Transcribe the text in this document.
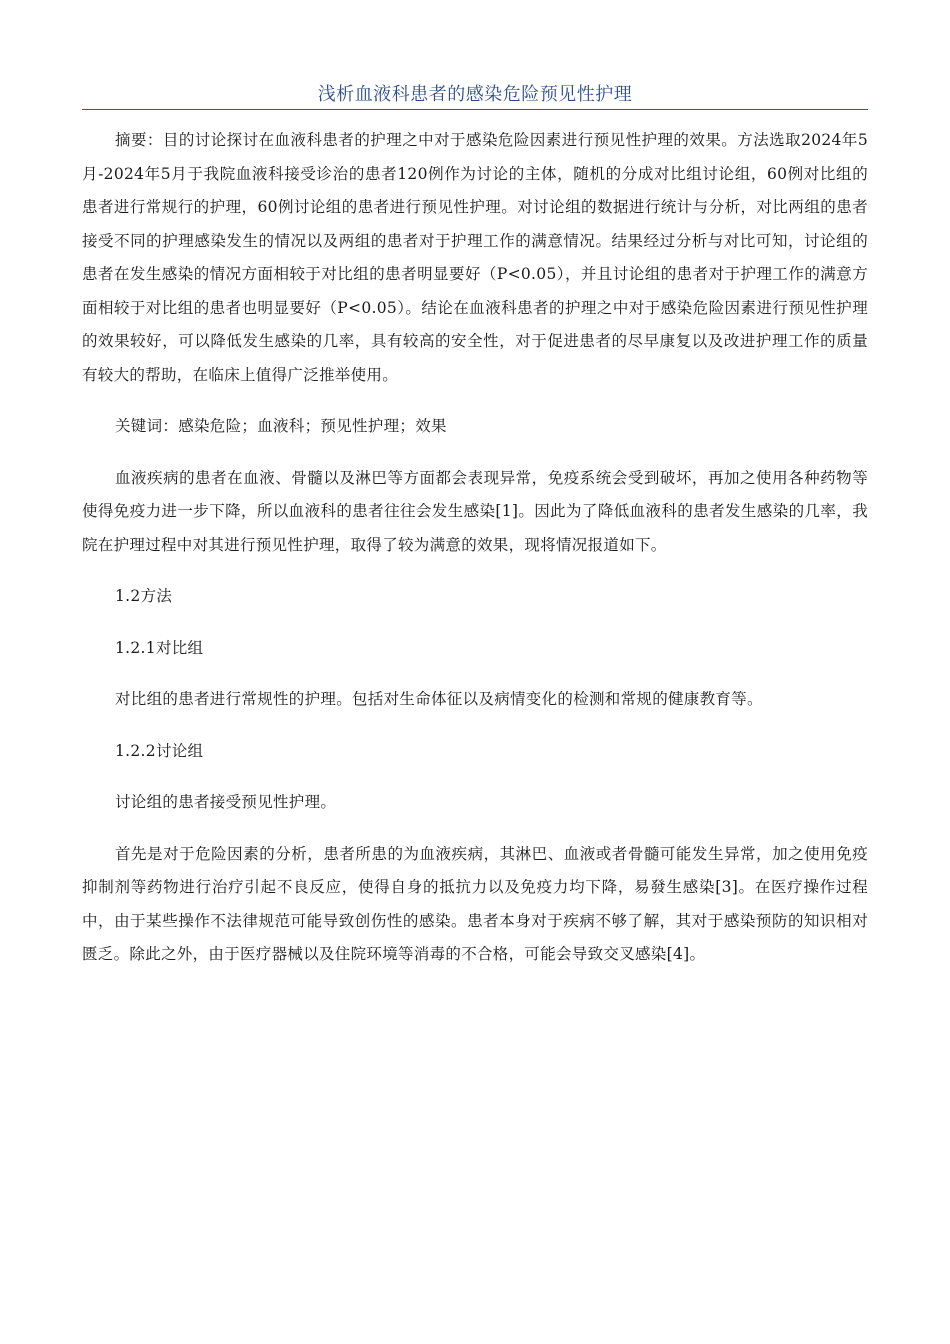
浅析血液科患者的感染危险预见性护理

摘要：目的讨论探讨在血液科患者的护理之中对于感染危险因素进行预见性护理的效果。方法选取2024年5月-2024年5月于我院血液科接受诊治的患者120例作为讨论的主体，随机的分成对比组讨论组，60例对比组的患者进行常规行的护理，60例讨论组的患者进行预见性护理。对讨论组的数据进行统计与分析，对比两组的患者接受不同的护理感染发生的情况以及两组的患者对于护理工作的满意情况。结果经过分析与对比可知，讨论组的患者在发生感染的情况方面相较于对比组的患者明显要好（P<0.05），并且讨论组的患者对于护理工作的满意方面相较于对比组的患者也明显要好（P<0.05）。结论在血液科患者的护理之中对于感染危险因素进行预见性护理的效果较好，可以降低发生感染的几率，具有较高的安全性，对于促进患者的尽早康复以及改进护理工作的质量有较大的帮助，在临床上值得广泛推举使用。

关键词：感染危险；血液科；预见性护理；效果

血液疾病的患者在血液、骨髓以及淋巴等方面都会表现异常，免疫系统会受到破坏，再加之使用各种药物等使得免疫力进一步下降，所以血液科的患者往往会发生感染[1]。因此为了降低血液科的患者发生感染的几率，我院在护理过程中对其进行预见性护理，取得了较为满意的效果，现将情况报道如下。

1.2方法

1.2.1对比组

对比组的患者进行常规性的护理。包括对生命体征以及病情变化的检测和常规的健康教育等。

1.2.2讨论组

讨论组的患者接受预见性护理。

首先是对于危险因素的分析，患者所患的为血液疾病，其淋巴、血液或者骨髓可能发生异常，加之使用免疫抑制剂等药物进行治疗引起不良反应，使得自身的抵抗力以及免疫力均下降，易發生感染[3]。在医疗操作过程中，由于某些操作不法律规范可能导致创伤性的感染。患者本身对于疾病不够了解，其对于感染预防的知识相对匮乏。除此之外，由于医疗器械以及住院环境等消毒的不合格，可能会导致交叉感染[4]。
